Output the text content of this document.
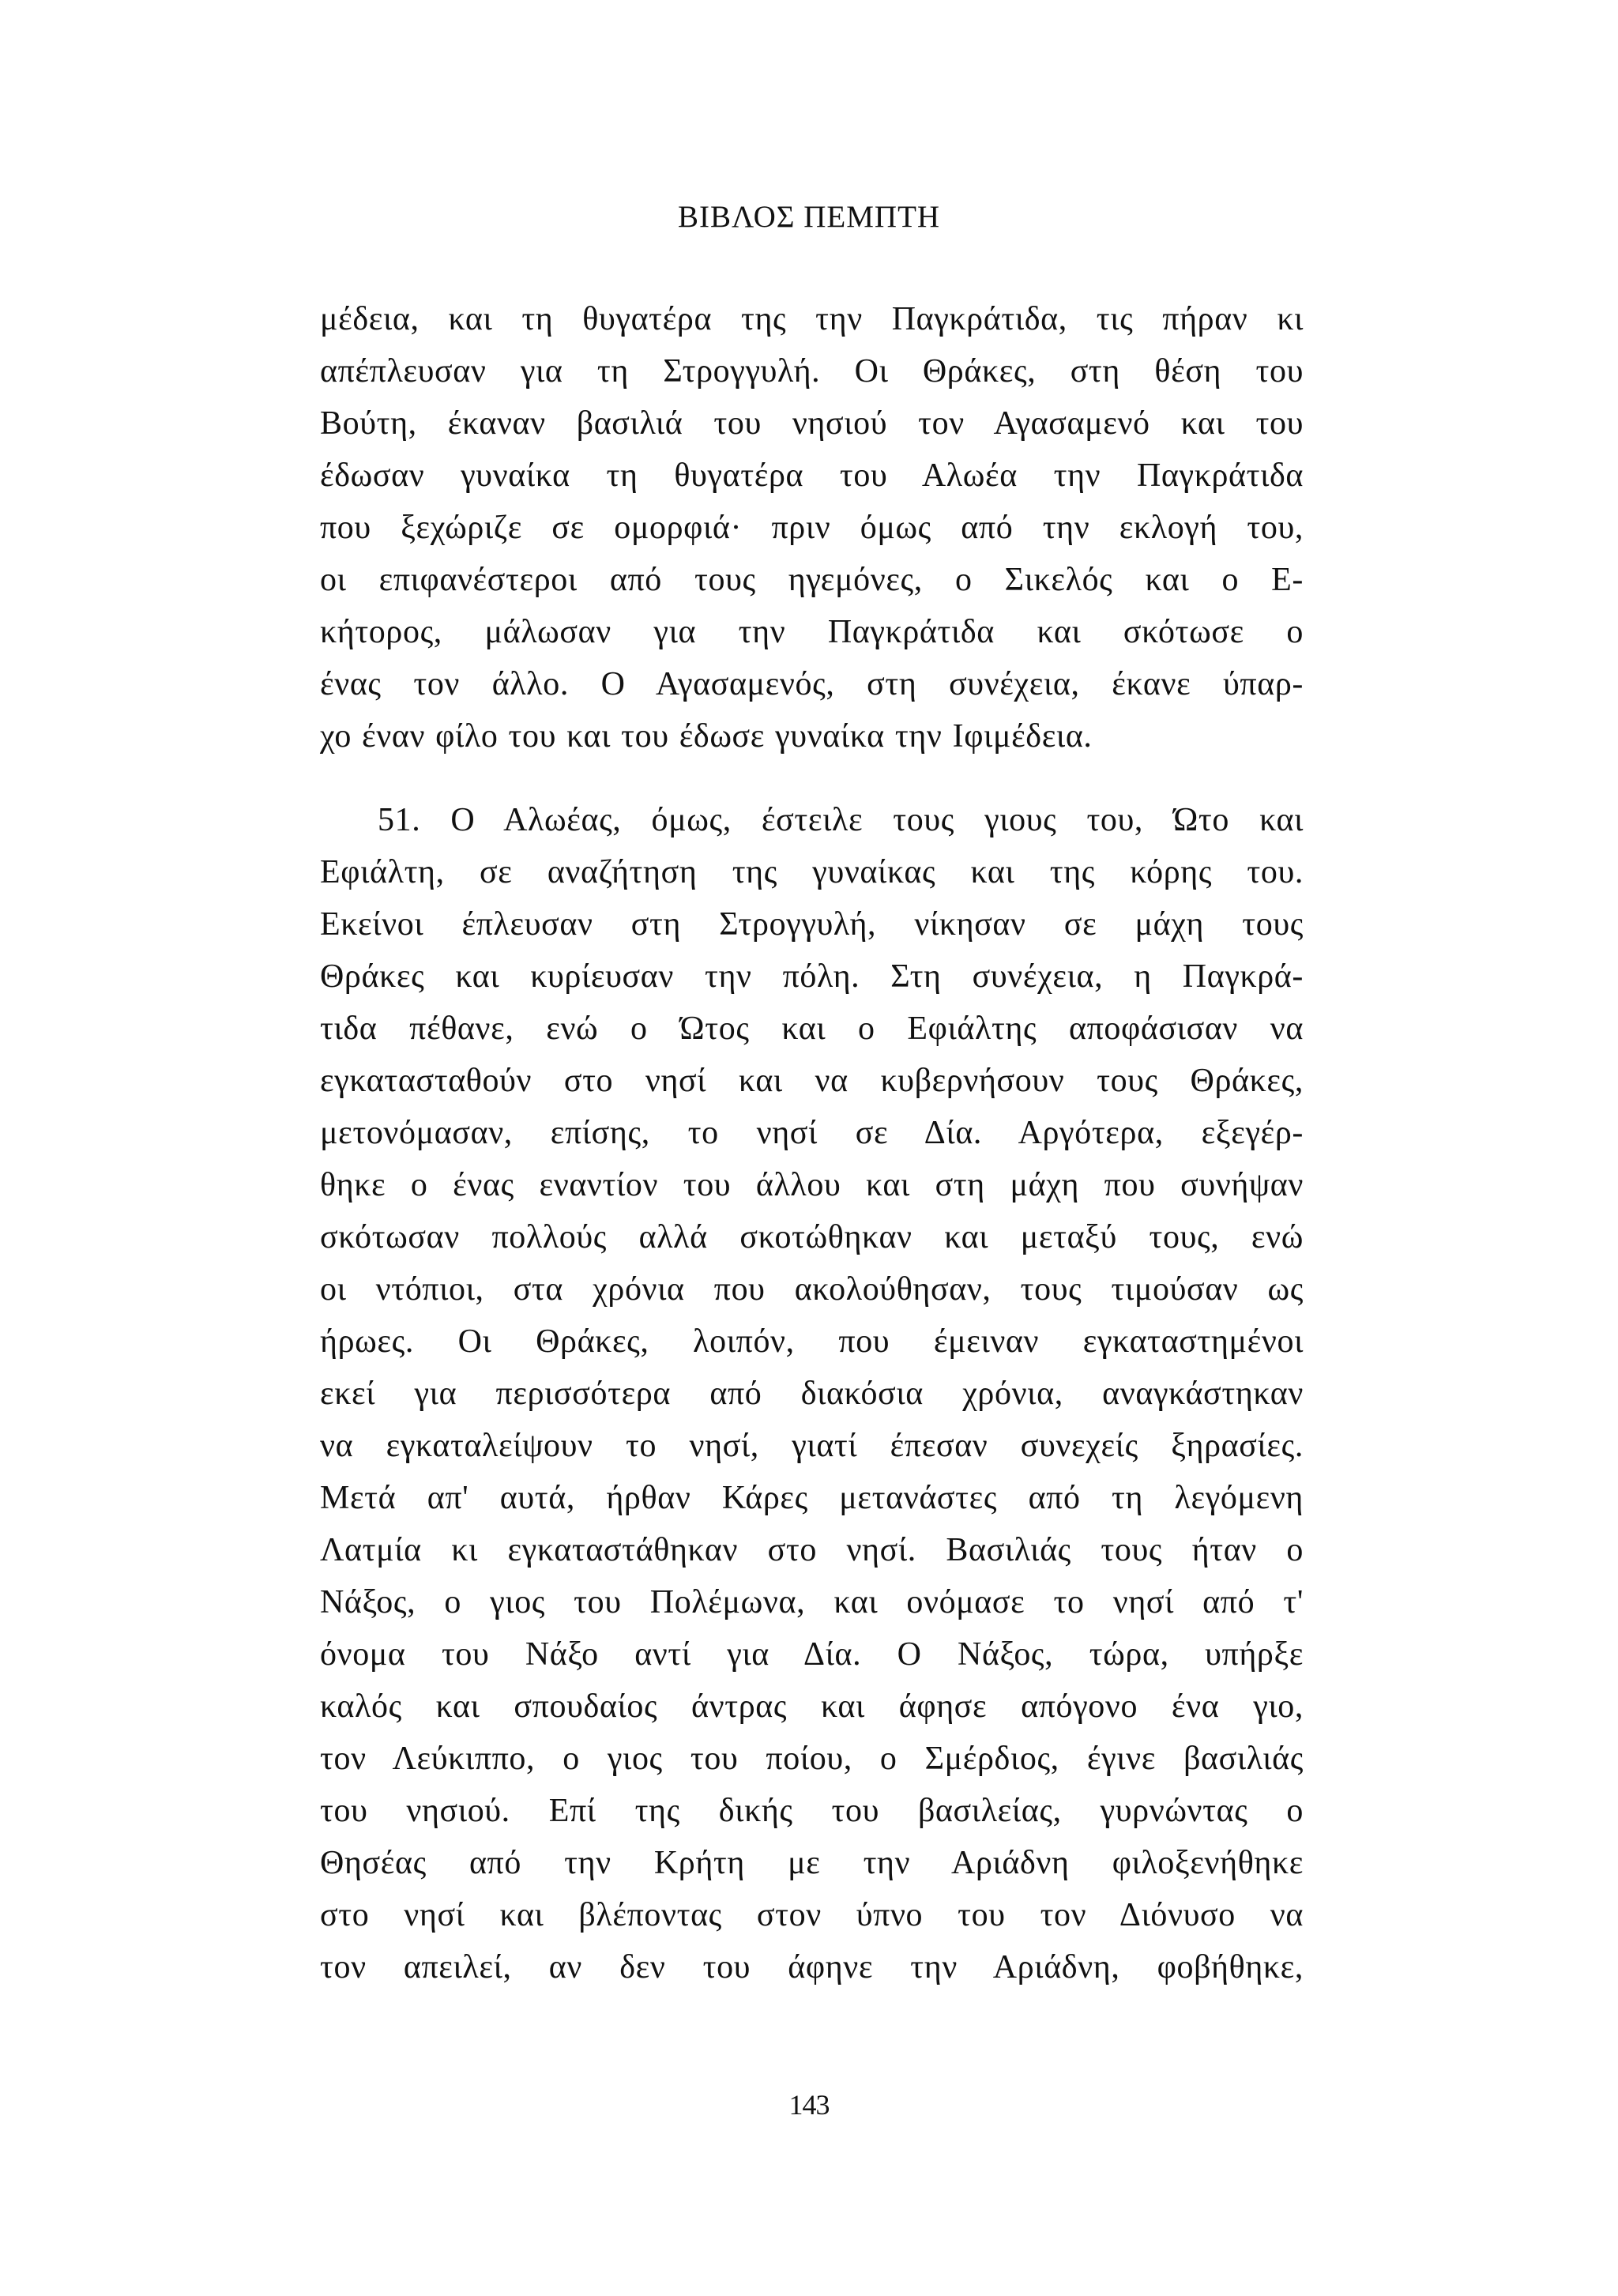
ΒΙΒΛΟΣ ΠΕΜΠΤΗ
μέδεια, και τη θυγατέρα της την Παγκράτιδα, τις πήραν κι
απέπλευσαν για τη Στρογγυλή. Οι Θράκες, στη θέση του
Βούτη, έκαναν βασιλιά του νησιού τον Αγασαμενό και του
έδωσαν γυναίκα τη θυγατέρα του Αλωέα την Παγκράτιδα
που ξεχώριζε σε ομορφιά· πριν όμως από την εκλογή του,
οι επιφανέστεροι από τους ηγεμόνες, ο Σικελός και ο Ε-
κήτορος, μάλωσαν για την Παγκράτιδα και σκότωσε ο
ένας τον άλλο. Ο Αγασαμενός, στη συνέχεια, έκανε ύπαρ-
χο έναν φίλο του και του έδωσε γυναίκα την Ιφιμέδεια.
51. Ο Αλωέας, όμως, έστειλε τους γιους του, Ώτο και
Εφιάλτη, σε αναζήτηση της γυναίκας και της κόρης του.
Εκείνοι έπλευσαν στη Στρογγυλή, νίκησαν σε μάχη τους
Θράκες και κυρίευσαν την πόλη. Στη συνέχεια, η Παγκρά-
τιδα πέθανε, ενώ ο Ώτος και ο Εφιάλτης αποφάσισαν να
εγκατασταθούν στο νησί και να κυβερνήσουν τους Θράκες,
μετονόμασαν, επίσης, το νησί σε Δία. Αργότερα, εξεγέρ-
θηκε ο ένας εναντίον του άλλου και στη μάχη που συνήψαν
σκότωσαν πολλούς αλλά σκοτώθηκαν και μεταξύ τους, ενώ
οι ντόπιοι, στα χρόνια που ακολούθησαν, τους τιμούσαν ως
ήρωες. Οι Θράκες, λοιπόν, που έμειναν εγκαταστημένοι
εκεί για περισσότερα από διακόσια χρόνια, αναγκάστηκαν
να εγκαταλείψουν το νησί, γιατί έπεσαν συνεχείς ξηρασίες.
Μετά απ' αυτά, ήρθαν Κάρες μετανάστες από τη λεγόμενη
Λατμία κι εγκαταστάθηκαν στο νησί. Βασιλιάς τους ήταν ο
Νάξος, ο γιος του Πολέμωνα, και ονόμασε το νησί από τ'
όνομα του Νάξο αντί για Δία. Ο Νάξος, τώρα, υπήρξε
καλός και σπουδαίος άντρας και άφησε απόγονο ένα γιο,
τον Λεύκιππο, ο γιος του ποίου, ο Σμέρδιος, έγινε βασιλιάς
του νησιού. Επί της δικής του βασιλείας, γυρνώντας ο
Θησέας από την Κρήτη με την Αριάδνη φιλοξενήθηκε
στο νησί και βλέποντας στον ύπνο του τον Διόνυσο να
τον απειλεί, αν δεν του άφηνε την Αριάδνη, φοβήθηκε,
143
